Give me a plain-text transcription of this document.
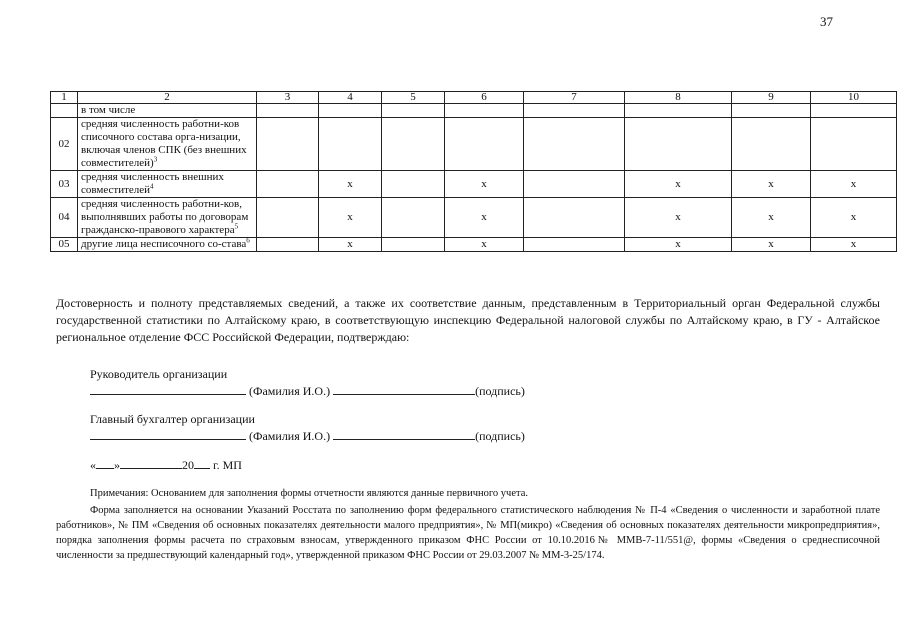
37
1	2	3	4	5	6	7	8	9	10
	в том числе								
02	средняя численность работни-ков списочного состава орга-низации, включая членов СПК (без внешних совместителей)$^3$								
03	средняя численность внешних совместителей$^4$		x		x		x	x	x
04	средняя численность работни-ков, выполнявших работы по договорам гражданско-правового характера$^5$		x		x		x	x	x
05	другие лица несписочного со-става$^6$		x		x		x	x	x
Достоверность и полноту представляемых сведений, а также их соответствие данным, представленным в Территориальный орган Федеральной службы государственной статистики по Алтайскому краю, в соответствующую инспекцию Федеральной налоговой службы по Алтайскому краю, в ГУ - Алтайское региональное отделение ФСС Российской Федерации, подтверждаю:
Руководитель организации
(Фамилия И.О.)	(подпись)
Главный бухгалтер организации
(Фамилия И.О.)	(подпись)
« »	20 г. МП
Примечания: Основанием для заполнения формы отчетности являются данные первичного учета.
Форма заполняется на основании Указаний Росстата по заполнению форм федерального статистического наблюдения № П-4 «Сведения о численности и заработной плате работников», № ПМ «Сведения об основных показателях деятельности малого предприятия», № МП(микро) «Сведения об основных показателях деятельности микропредприятия», порядка заполнения формы расчета по страховым взносам, утвержденного приказом ФНС России от 10.10.2016№ ММВ-7-11/551@, формы «Сведения о среднесписочной численности за предшествующий календарный год», утвержденной приказом ФНС России от 29.03.2007 № ММ-3-25/174.
